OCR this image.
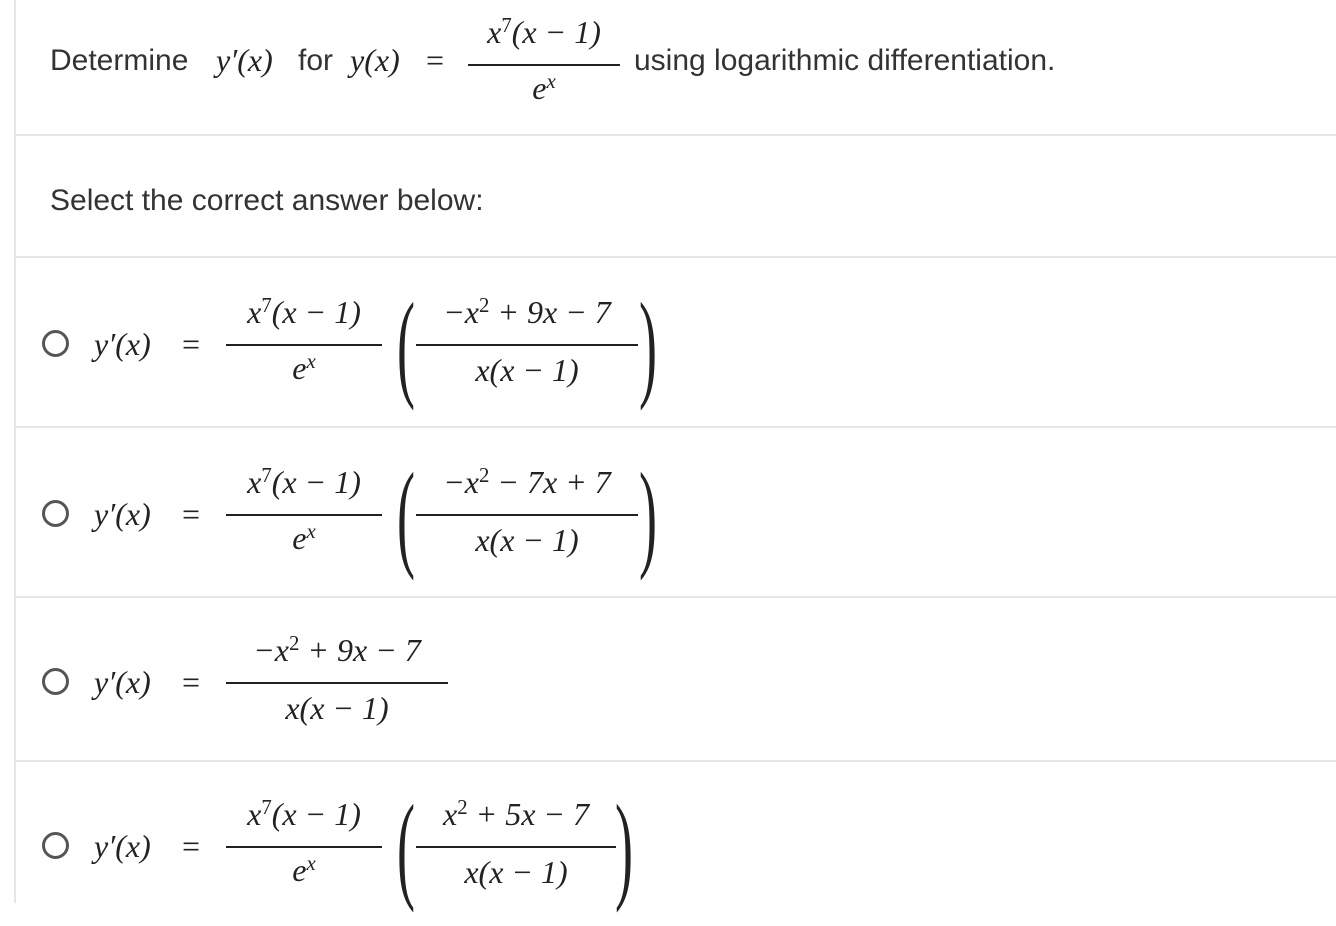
Determine y′(x) for y(x) =
$x^7(x - 1)$
$e^x$
using logarithmic differentiation.
Select the correct answer below:
y′(x) =
$x^7(x - 1)$
$e^x$ ( $-x^2 + 9x - 7$
x(x − 1) )
y′(x) =
$x^7(x - 1)$
$e^x$ ( $-x^2 - 7x + 7$
x(x − 1) )
y′(x) =
$-x^2 + 9x - 7$
x(x − 1)
y′(x) =
$x^7(x - 1)$
$e^x$ ( $x^2 + 5x - 7$
x(x − 1) )
